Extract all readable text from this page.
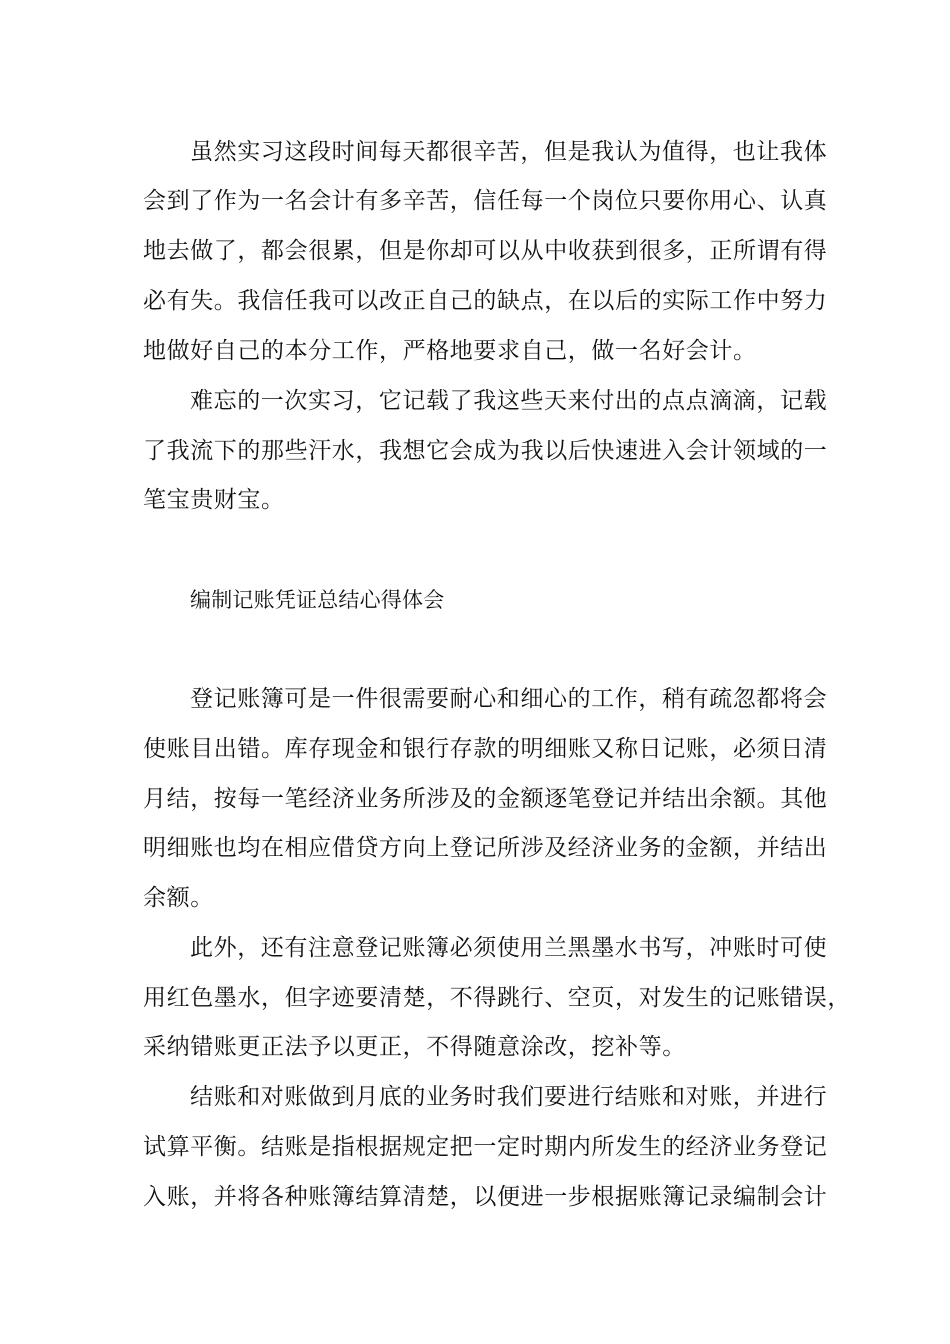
虽然实习这段时间每天都很辛苦，但是我认为值得，也让我体
会到了作为一名会计有多辛苦，信任每一个岗位只要你用心、认真
地去做了，都会很累，但是你却可以从中收获到很多，正所谓有得
必有失。我信任我可以改正自己的缺点，在以后的实际工作中努力
地做好自己的本分工作，严格地要求自己，做一名好会计。
难忘的一次实习，它记载了我这些天来付出的点点滴滴，记载
了我流下的那些汗水，我想它会成为我以后快速进入会计领域的一
笔宝贵财宝。
编制记账凭证总结心得体会
登记账簿可是一件很需要耐心和细心的工作，稍有疏忽都将会
使账目出错。库存现金和银行存款的明细账又称日记账，必须日清
月结，按每一笔经济业务所涉及的金额逐笔登记并结出余额。其他
明细账也均在相应借贷方向上登记所涉及经济业务的金额，并结出
余额。
此外，还有注意登记账簿必须使用兰黑墨水书写，冲账时可使
用红色墨水，但字迹要清楚，不得跳行、空页，对发生的记账错误，
采纳错账更正法予以更正，不得随意涂改，挖补等。
结账和对账做到月底的业务时我们要进行结账和对账，并进行
试算平衡。结账是指根据规定把一定时期内所发生的经济业务登记
入账，并将各种账簿结算清楚，以便进一步根据账簿记录编制会计
